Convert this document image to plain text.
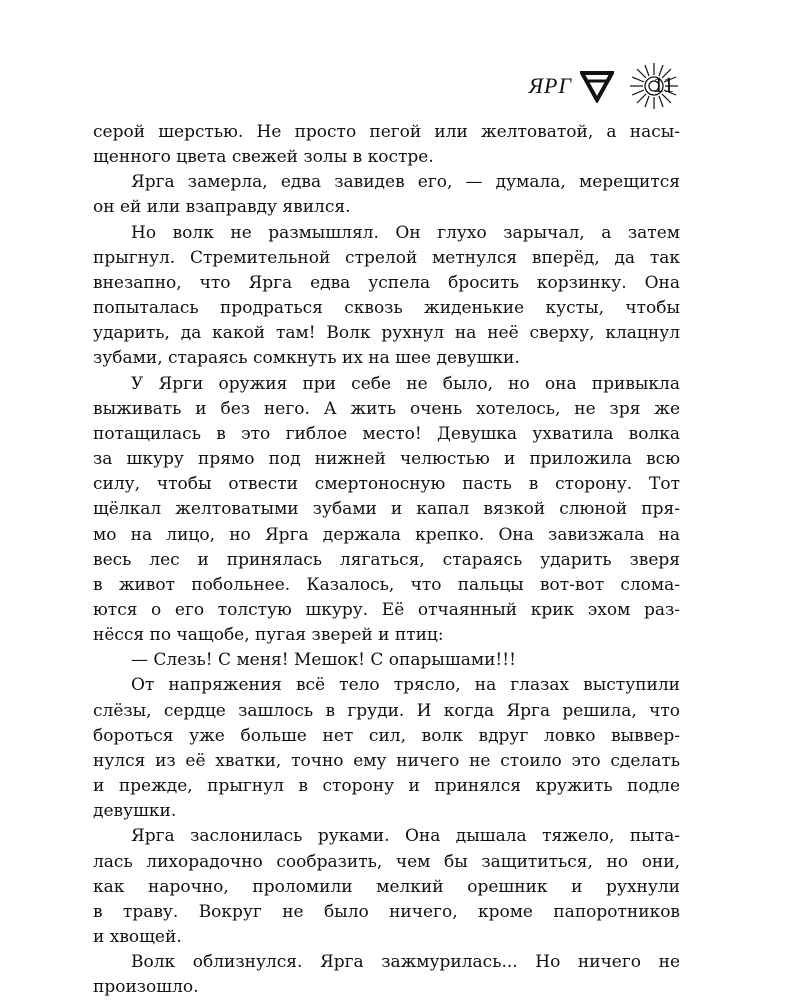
ЯРГ	11

серой шерстью. Не просто пегой или желтоватой, а насы-

щенного цвета свежей золы в костре.

Ярга замерла, едва завидев его, — думала, мерещится

он ей или взаправду явился.

Но волк не размышлял. Он глухо зарычал, а затем

прыгнул. Стремительной стрелой метнулся вперёд, да так

внезапно, что Ярга едва успела бросить корзинку. Она

попыталась продраться сквозь жиденькие кусты, чтобы

ударить, да какой там! Волк рухнул на неё сверху, клацнул

зубами, стараясь сомкнуть их на шее девушки.

У Ярги оружия при себе не было, но она привыкла

выживать и без него. А жить очень хотелось, не зря же

потащилась в это гиблое место! Девушка ухватила волка

за шкуру прямо под нижней челюстью и приложила всю

силу, чтобы отвести смертоносную пасть в сторону. Тот

щёлкал желтоватыми зубами и капал вязкой слюной пря-

мо на лицо, но Ярга держала крепко. Она завизжала на

весь лес и принялась лягаться, стараясь ударить зверя

в живот побольнее. Казалось, что пальцы вот-вот слома-

ются о его толстую шкуру. Её отчаянный крик эхом раз-

нёсся по чащобе, пугая зверей и птиц:

— Слезь! С меня! Мешок! С опарышами!!!

От напряжения всё тело трясло, на глазах выступили

слёзы, сердце зашлось в груди. И когда Ярга решила, что

бороться уже больше нет сил, волк вдруг ловко выввер-

нулся из её хватки, точно ему ничего не стоило это сделать

и прежде, прыгнул в сторону и принялся кружить подле

девушки.

Ярга заслонилась руками. Она дышала тяжело, пыта-

лась лихорадочно сообразить, чем бы защититься, но они,

как нарочно, проломили мелкий орешник и рухнули

в траву. Вокруг не было ничего, кроме папоротников

и хвощей.

Волк облизнулся. Ярга зажмурилась... Но ничего не

произошло.
